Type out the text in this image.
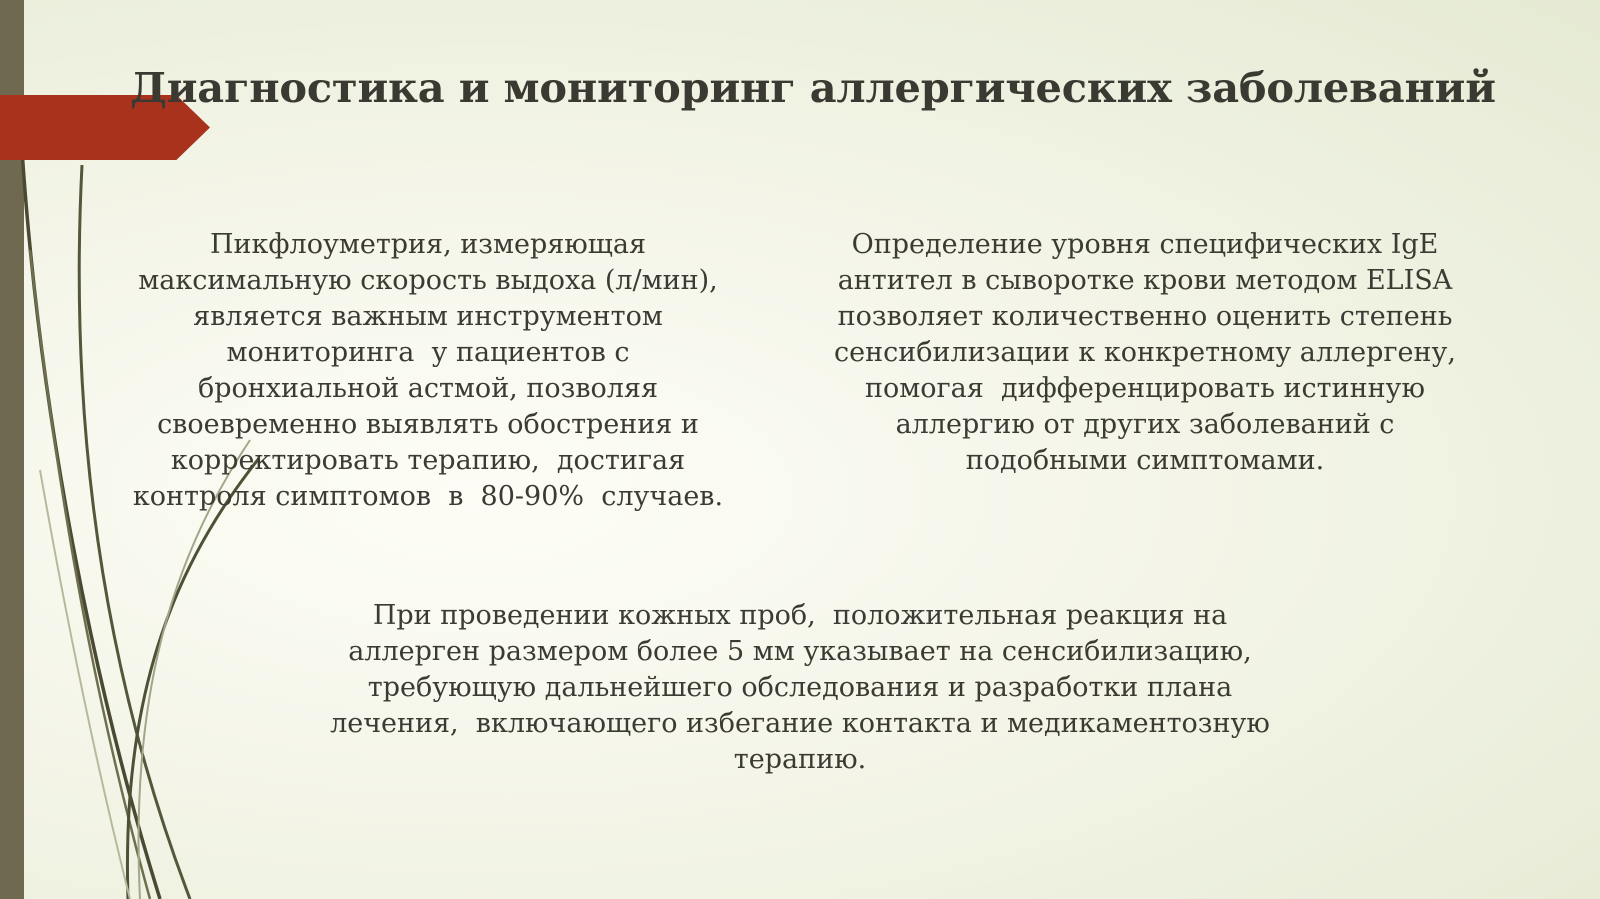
Диагностика и мониторинг аллергических заболеваний
Пикфлоуметрия, измеряющая
максимальную скорость выдоха (л/мин),
является важным инструментом
мониторинга  у пациентов с
бронхиальной астмой, позволяя
своевременно выявлять обострения и
корректировать терапию,  достигая
контроля симптомов  в  80-90%  случаев.
Определение уровня специфических IgE
антител в сыворотке крови методом ELISA
позволяет количественно оценить степень
сенсибилизации к конкретному аллергену,
помогая  дифференцировать истинную
аллергию от других заболеваний с
подобными симптомами.
При проведении кожных проб,  положительная реакция на
аллерген размером более 5 мм указывает на сенсибилизацию,
требующую дальнейшего обследования и разработки плана
лечения,  включающего избегание контакта и медикаментозную
терапию.
